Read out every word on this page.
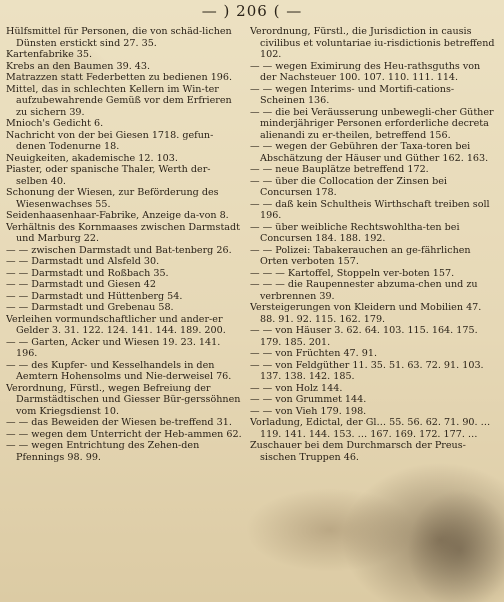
— ) 206 ( —

Hülfsmittel für Personen, die von schäd-lichen Dünsten erstickt sind 27. 35.

Kartenfabrike 35.

Krebs an den Baumen 39. 43.

Matrazzen statt Federbetten zu bedienen 196.

Mittel, das in schlechten Kellern im Win-ter aufzubewahrende Gemüß vor dem Erfrieren zu sichern 39.

Mnioch's Gedicht 6.

Nachricht von der bei Giesen 1718. gefun-denen Todenurne 18.

Neuigkeiten, akademische 12. 103.

Piaster, oder spanische Thaler, Werth der-selben 40.

Schonung der Wiesen, zur Beförderung des Wiesenwachses 55.

Seidenhaasenhaar-Fabrike, Anzeige da-von 8.

Verhältnis des Kornmaases zwischen Darmstadt und Marburg 22.

— — zwischen Darmstadt und Bat-tenberg 26.

— — Darmstadt und Alsfeld 30.

— — Darmstadt und Roßbach 35.

— — Darmstadt und Giesen 42

— — Darmstadt und Hüttenberg 54.

— — Darmstadt und Grebenau 58.

Verleihen vormundschaftlicher und ander-er Gelder 3. 31. 122. 124. 141. 144. 189. 200.

— — Garten, Acker und Wiesen 19. 23. 141. 196.

— — des Kupfer- und Kesselhandels in den Aemtern Hohensolms und Nie-derweisel 76.

Verordnung, Fürstl., wegen Befreiung der Darmstädtischen und Giesser Bür-gerssöhnen vom Kriegsdienst 10.

— — das Beweiden der Wiesen be-treffend 31.

— — wegen dem Unterricht der Heb-ammen 62.

— — wegen Entrichtung des Zehen-den Pfennings 98. 99.

Verordnung, Fürstl., die Jurisdiction in causis civilibus et voluntariae iu-risdictionis betreffend 102.

— — wegen Eximirung des Heu-rathsguths von der Nachsteuer 100. 107. 110. 111. 114.

— — wegen Interims- und Mortifi-cations-Scheinen 136.

— — die bei Veräusserung unbewegli-cher Güther minderjähriger Personen erforderliche decreta alienandi zu er-theilen, betreffend 156.

— — wegen der Gebühren der Taxa-toren bei Abschätzung der Häuser und Güther 162. 163.

— — neue Bauplätze betreffend 172.

— — über die Collocation der Zinsen bei Concursen 178.

— — daß kein Schultheis Wirthschaft treiben soll 196.

— — über weibliche Rechtswohltha-ten bei Concursen 184. 188. 192.

— — Polizei: Tabakerauchen an ge-fährlichen Orten verboten 157.

— — — Kartoffel, Stoppeln ver-boten 157.

— — — die Raupennester abzuma-chen und zu verbrennen 39.

Versteigerungen von Kleidern und Mobilien 47. 88. 91. 92. 115. 162. 179.

— — von Häuser 3. 62. 64. 103. 115. 164. 175. 179. 185. 201.

— — von Früchten 47. 91.

— — von Feldgüther 11. 35. 51. 63. 72. 91. 103. 137. 138. 142. 185.

— — von Holz 144.

— — von Grummet 144.

— — von Vieh 179. 198.

Vorladung, Edictal, der Gl… 55. 56. 62. 71. 90. … 119. 141. 144. 153. … 167. 169. 172. 177. …

Zuschauer bei dem Durchmarsch der Preus-sischen Truppen 46.
